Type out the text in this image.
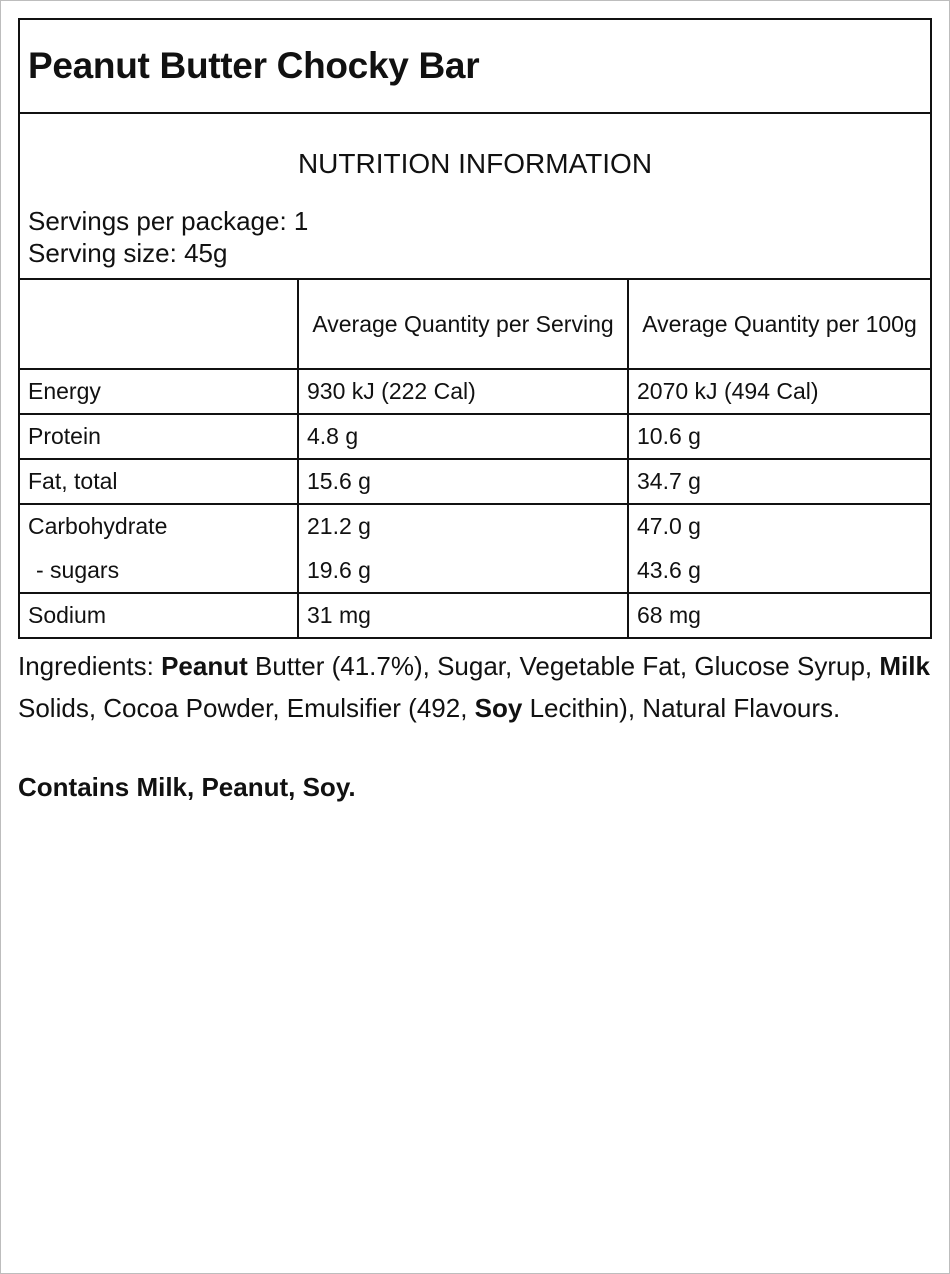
Peanut Butter Chocky Bar
NUTRITION INFORMATION
Servings per package: 1
Serving size: 45g
	Average Quantity per Serving	Average Quantity per 100g
Energy	930 kJ (222 Cal)	2070 kJ (494 Cal)
Protein	4.8 g	10.6 g
Fat, total	15.6 g	34.7 g
Carbohydrate	21.2 g	47.0 g
- sugars	19.6 g	43.6 g
Sodium	31 mg	68 mg
Ingredients: Peanut Butter (41.7%), Sugar, Vegetable Fat, Glucose Syrup, Milk Solids, Cocoa Powder, Emulsifier (492, Soy Lecithin), Natural Flavours.
Contains Milk, Peanut, Soy.
